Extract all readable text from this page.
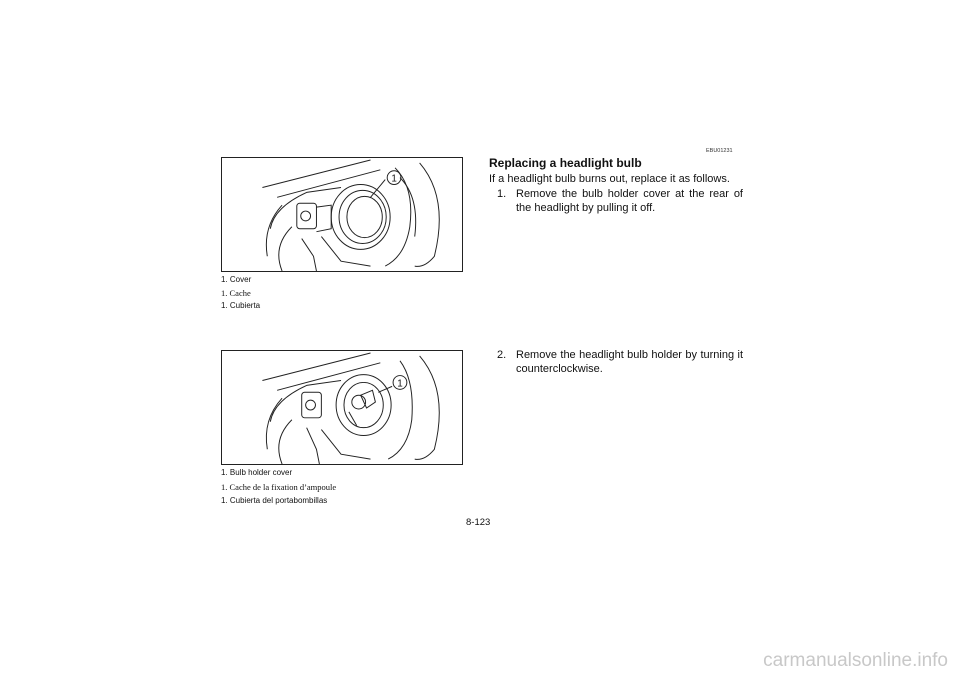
1
1. Cover
1. Cache
1. Cubierta
1
1. Bulb holder cover
1. Cache de la fixation d’ampoule
1. Cubierta del portabombillas
EBU01231
Replacing a headlight bulb
If a headlight bulb burns out, replace it as follows.
1. Remove the bulb holder cover at the rear of the headlight by pulling it off.
2. Remove the headlight bulb holder by turning it counterclockwise.
8-123
carmanualsonline.info
